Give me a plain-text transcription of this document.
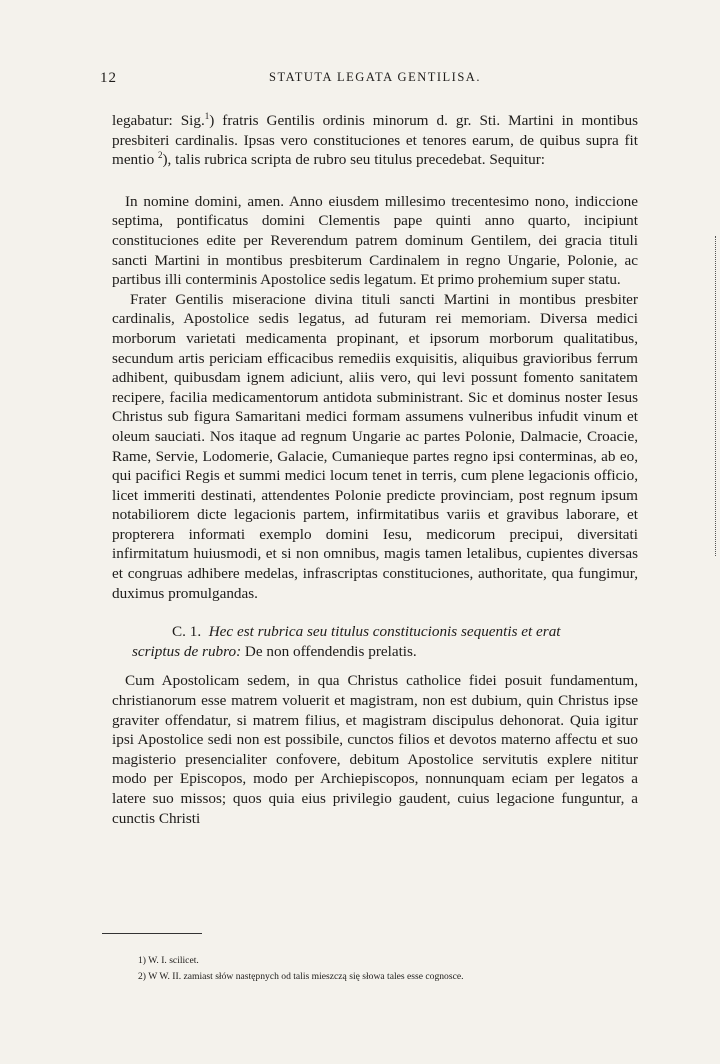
12	STATUTA LEGATA GENTILISA.

legabatur: Sig.$^1$) fratris Gentilis ordinis minorum d. gr. Sti. Martini in montibus presbiteri cardinalis. Ipsas vero constituciones et tenores earum, de quibus supra fit mentio $^2$), talis rubrica scripta de rubro seu titulus precedebat. Sequitur:

In nomine domini, amen. Anno eiusdem millesimo trecentesimo nono, indiccione septima, pontificatus domini Clementis pape quinti anno quarto, incipiunt constituciones edite per Reverendum patrem dominum Gentilem, dei gracia tituli sancti Martini in montibus presbiterum Cardinalem in regno Ungarie, Polonie, ac partibus illi conterminis Apostolice sedis legatum. Et primo prohemium super statu.

Frater Gentilis miseracione divina tituli sancti Martini in montibus presbiter cardinalis, Apostolice sedis legatus, ad futuram rei memoriam. Diversa medici morborum varietati medicamenta propinant, et ipsorum morborum qualitatibus, secundum artis periciam efficacibus remediis exquisitis, aliquibus gravioribus ferrum adhibent, quibusdam ignem adiciunt, aliis vero, qui levi possunt fomento sanitatem recipere, facilia medicamentorum antidota subministrant. Sic et dominus noster Iesus Christus sub figura Samaritani medici formam assumens vulneribus infudit vinum et oleum sauciati. Nos itaque ad regnum Ungarie ac partes Polonie, Dalmacie, Croacie, Rame, Servie, Lodomerie, Galacie, Cumanieque partes regno ipsi conterminas, ab eo, qui pacifici Regis et summi medici locum tenet in terris, cum plene legacionis officio, licet immeriti destinati, attendentes Polonie predicte provinciam, post regnum ipsum notabiliorem dicte legacionis partem, infirmitatibus variis et gravibus laborare, et propterera informati exemplo domini Iesu, medicorum precipui, diversitati infirmitatum huiusmodi, et si non omnibus, magis tamen letalibus, cupientes diversas et congruas adhibere medelas, infrascriptas constituciones, authoritate, qua fungimur, duximus promulgandas.

C. 1. Hec est rubrica seu titulus constitucionis sequentis et erat

scriptus de rubro: De non offendendis prelatis.

Cum Apostolicam sedem, in qua Christus catholice fidei posuit fundamentum, christianorum esse matrem voluerit et magistram, non est dubium, quin Christus ipse graviter offendatur, si matrem filius, et magistram discipulus dehonorat. Quia igitur ipsi Apostolice sedi non est possibile, cunctos filios et devotos materno affectu et suo magisterio presencialiter confovere, debitum Apostolice servitutis explere nititur modo per Episcopos, modo per Archiepiscopos, nonnunquam eciam per legatos a latere suo missos; quos quia eius privilegio gaudent, cuius legacione funguntur, a cunctis Christi

1) W. I. scilicet.

2) W W. II. zamiast słów następnych od talis mieszczą się słowa tales esse cognosce.
